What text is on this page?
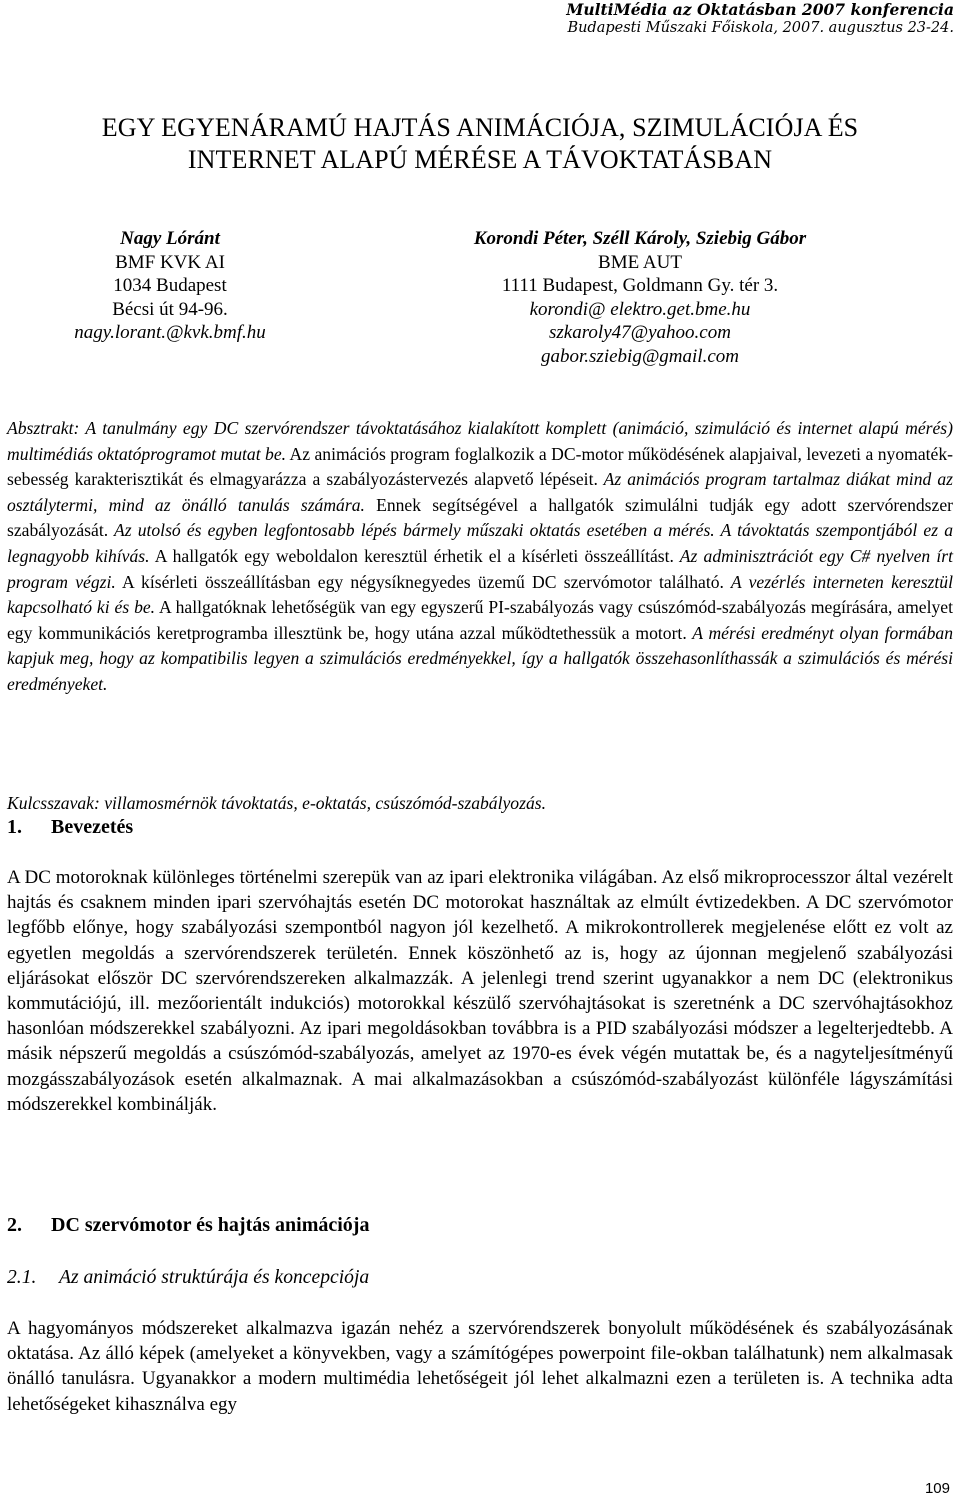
MultiMédia az Oktatásban 2007 konferencia
Budapesti Műszaki Főiskola, 2007. augusztus 23-24.
EGY EGYENÁRAMÚ HAJTÁS ANIMÁCIÓJA, SZIMULÁCIÓJA ÉS
INTERNET ALAPÚ MÉRÉSE A TÁVOKTATÁSBAN
Nagy Lóránt
BMF KVK AI
1034 Budapest
Bécsi út 94-96.
nagy.lorant.@kvk.bmf.hu
Korondi Péter, Széll Károly, Sziebig Gábor
BME AUT
1111 Budapest, Goldmann Gy. tér 3.
korondi@ elektro.get.bme.hu
szkaroly47@yahoo.com
gabor.sziebig@gmail.com
Absztrakt: A tanulmány egy DC szervórendszer távoktatásához kialakított komplett (animáció, szimuláció és internet alapú mérés) multimédiás oktatóprogramot mutat be. Az animációs program foglalkozik a DC-motor működésének alapjaival, levezeti a nyomaték-sebesség karakterisztikát és elmagyarázza a szabályozástervezés alapvető lépéseit. Az animációs program tartalmaz diákat mind az osztálytermi, mind az önálló tanulás számára. Ennek segítségével a hallgatók szimulálni tudják egy adott szervórendszer szabályozását. Az utolsó és egyben legfontosabb lépés bármely műszaki oktatás esetében a mérés. A távoktatás szempontjából ez a legnagyobb kihívás. A hallgatók egy weboldalon keresztül érhetik el a kísérleti összeállítást. Az adminisztrációt egy C# nyelven írt program végzi. A kísérleti összeállításban egy négysíknegyedes üzemű DC szervómotor található. A vezérlés interneten keresztül kapcsolható ki és be. A hallgatóknak lehetőségük van egy egyszerű PI-szabályozás vagy csúszómód-szabályozás megírására, amelyet egy kommunikációs keretprogramba illesztünk be, hogy utána azzal működtethessük a motort. A mérési eredményt olyan formában kapjuk meg, hogy az kompatibilis legyen a szimulációs eredményekkel, így a hallgatók összehasonlíthassák a szimulációs és mérési eredményeket.
Kulcsszavak: villamosmérnök távoktatás, e-oktatás, csúszómód-szabályozás.
1. Bevezetés
A DC motoroknak különleges történelmi szerepük van az ipari elektronika világában. Az első mikroprocesszor által vezérelt hajtás és csaknem minden ipari szervóhajtás esetén DC motorokat használtak az elmúlt évtizedekben. A DC szervómotor legfőbb előnye, hogy szabályozási szempontból nagyon jól kezelhető. A mikrokontrollerek megjelenése előtt ez volt az egyetlen megoldás a szervórendszerek területén. Ennek köszönhető az is, hogy az újonnan megjelenő szabályozási eljárásokat először DC szervórendszereken alkalmazzák. A jelenlegi trend szerint ugyanakkor a nem DC (elektronikus kommutációjú, ill. mezőorientált indukciós) motorokkal készülő szervóhajtásokat is szeretnénk a DC szervóhajtásokhoz hasonlóan módszerekkel szabályozni. Az ipari megoldásokban továbbra is a PID szabályozási módszer a legelterjedtebb. A másik népszerű megoldás a csúszómód-szabályozás, amelyet az 1970-es évek végén mutattak be, és a nagyteljesítményű mozgásszabályozások esetén alkalmaznak. A mai alkalmazásokban a csúszómód-szabályozást különféle lágyszámítási módszerekkel kombinálják.
2. DC szervómotor és hajtás animációja
2.1. Az animáció struktúrája és koncepciója
A hagyományos módszereket alkalmazva igazán nehéz a szervórendszerek bonyolult működésének és szabályozásának oktatása. Az álló képek (amelyeket a könyvekben, vagy a számítógépes powerpoint file-okban találhatunk) nem alkalmasak önálló tanulásra. Ugyanakkor a modern multimédia lehetőségeit jól lehet alkalmazni ezen a területen is. A technika adta lehetőségeket kihasználva egy
109
